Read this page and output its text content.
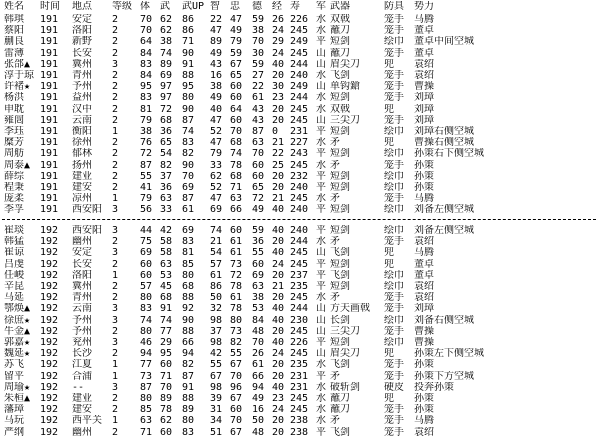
姓名	时间	地点	等级 体	武	武UP 智	忠	德	经 寿	军 武器	防具	势力
韩琪	191	安定	2	70 62 86	22 47 59 26 226 水 双戟	笼手	马腾
蔡阳	191	洛阳	2	70 62 86	47 49 38 24 245 水 蘸刀	笼手	董卓
蒯良	191	新野	2	64 38 71	89 79 70 29 249 平 短剑	绘巾	董卓中间空城
雷薄	191	长安	2	84 74 90	49 59 30 24 245 山 蘸刀	笼手	董卓
张郃▲ 191	冀州	3	83 89 91	43 67 59 40 244 山 眉尖刀	兜	袁绍
淳于琼 191	青州	2	84 69 88	16 65 27 20 240 水 飞剑	笼手	袁绍
许褚★ 191	予州	2	95 97 95	38 60 22 30 249 山 单钩鎗	笼手	曹操
杨洪	191	益州	2	83 97 80	49 60 61 23 244 水 短剑	笼手	刘璋
申耽	191	汉中	2	81 72 90	40 64 43 20 245 水 双戟	兜	刘璋
雍闿	191	云南	2	79 68 87	47 60 43 20 245 山 三尖刀	笼手	刘璋
李珏	191	衡阳	1	38 36 74	52 70 87 0	231 平 短剑	绘巾	刘璋右侧空城
糜芳	191	徐州	2	76 65 83	47 68 63 21 227 水 矛	兜	曹操右侧空城
周舫	191	郁林	2	72 54 82	79 74 70 22 243 平 短剑	绘巾	孙策右下侧空城
周泰▲ 191	扬州	2	87 82 90	33 78 60 25 245 水 矛	笼手	孙策
薛综	191	建业	2	55 37 70	62 68 60 20 232 平 短剑	绘巾	孙策
程秉	191	建安	2	41 36 69	52 71 65 20 240 平 短剑	绘巾	孙策
庞柔	191	凉州	1	79 63 87	47 63 72 21 245 水 矛	笼手	马腾
李孚	191	西安阳	3	56 33 61	69 66 49 40 240 平 短剑	绘巾	刘备左侧空城
崔琰	192	西安阳	3	44 42 69	74 60 59 40 240 平 短剑	绘巾	刘备左侧空城
韩猛	192	幽州	2	75 58 83	21 61 36 20 244 水 矛	笼手	袁绍
崔谅	192	安定	3	69 58 81	54 61 55 40 245 山 飞剑	兜	马腾
吕虔	192	长安	2	60 63 85	57 73 60 24 245 平 短剑	兜	董卓
任峻	192	洛阳	1	60 53 80	61 72 69 20 237 平 飞剑	绘巾	董卓
辛昆	192	冀州	2	57 45 68	86 78 63 21 235 平 短剑	绘巾	袁绍
马延	192	青州	2	80 68 88	50 61 38 20 245 水 矛	笼手	袁绍
鄂焕▲ 192	云南	3	83 91 92	32 78 53 40 244 山 方天画戟	笼手	刘璋
徐庶★ 192	予州	3	74 74 90	98 80 84 40 230 山 长剑	绘巾	刘备右侧空城
牛金▲ 192	予州	2	80 77 88	37 73 48 20 245 山 三尖刀	笼手	曹操
郭嘉★ 192	兖州	3	46 29 66	98 82 70 40 226 平 短剑	绘巾	曹操
魏延★ 192	长沙	2	94 95 94	42 55 26 24 245 山 眉尖刀	兜	孙策左下侧空城
苏飞	192	江夏	1	77 60 82	55 67 61 20 235 水 飞剑	笼手	孙策
留平	192	合浦	1	73 71 87	67 70 66 20 231 平 矛	笼手	孙策下方空城
周瑜★ 192	--	3	87 70 91	98 96 94 40 231 水 破斩剑	硬皮	投奔孙策
朱桓▲ 192	建业	2	80 89 88	39 67 49 23 245 水 蘸刀	兜	孙策
藩璋	192	建安	2	85 78 89	31 60 16 24 245 水 蘸刀	笼手	孙策
马玩	192	西平关	1	63 62 80	34 70 50 20 238 水 矛	笼手	马腾
严纲	192	幽州	2	71 60 83	51 67 48 20 238 平 飞剑	笼手	袁绍
